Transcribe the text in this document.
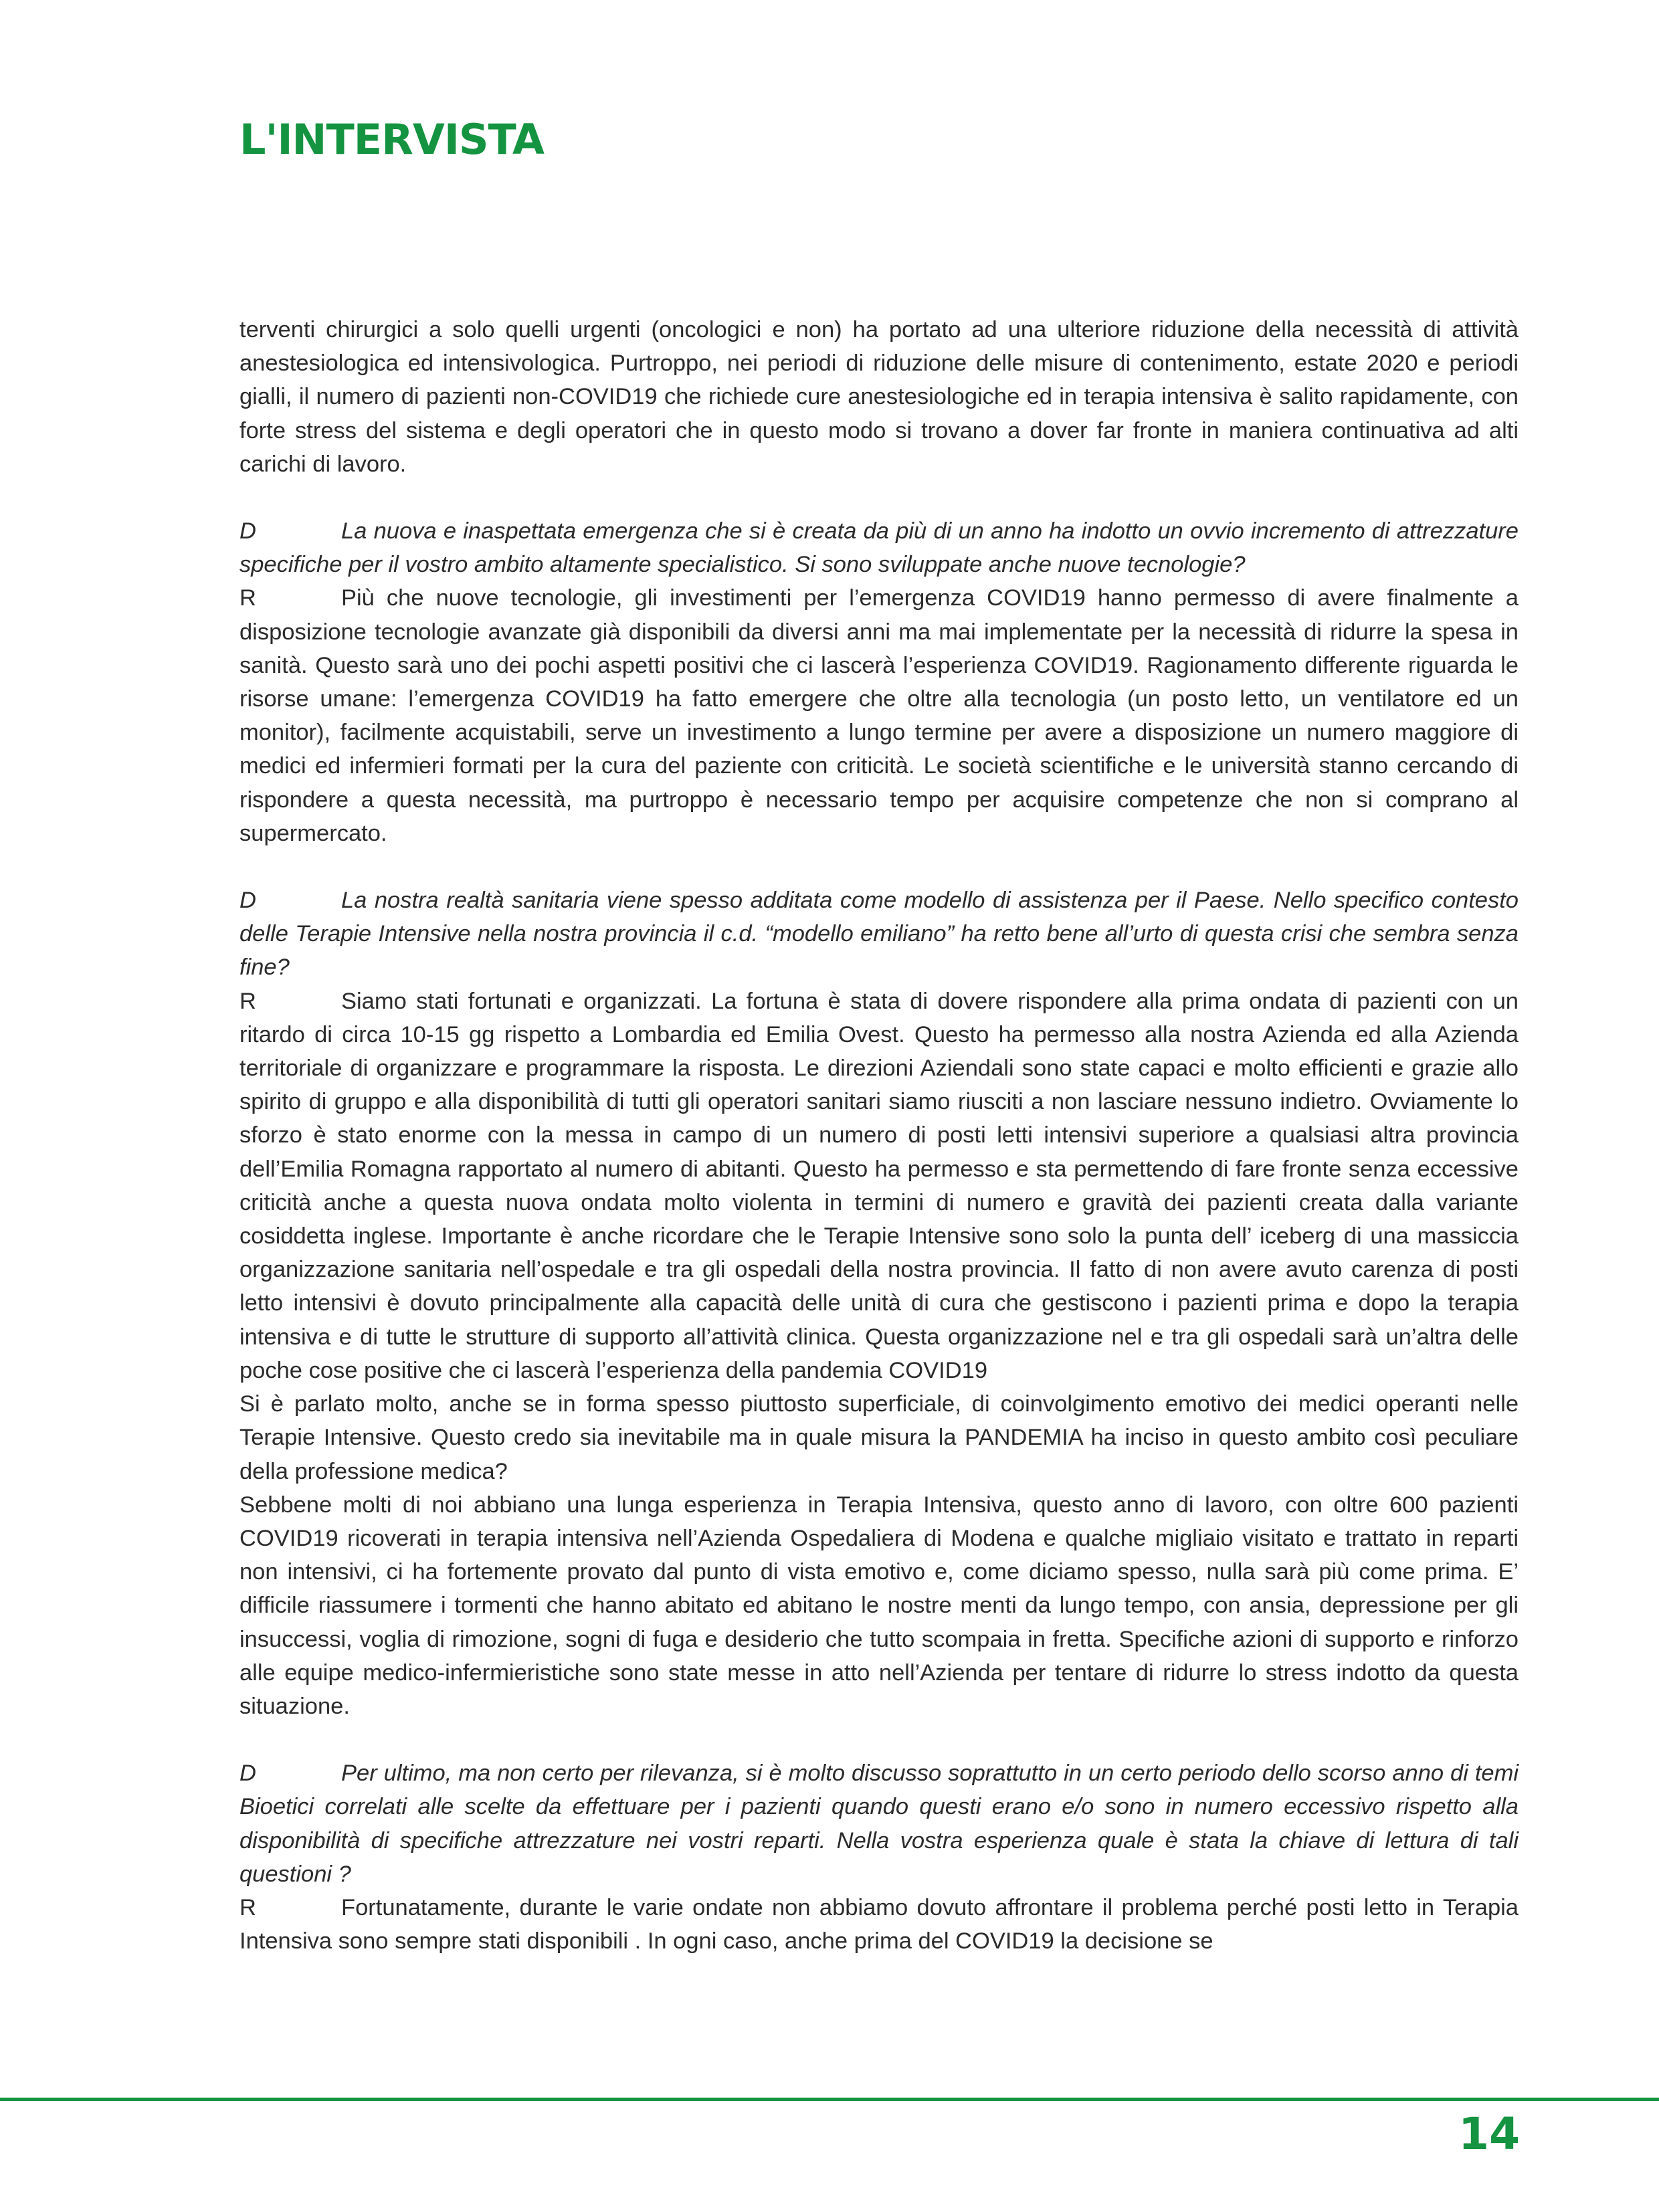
L'INTERVISTA

terventi chirurgici a solo quelli urgenti (oncologici e non) ha portato ad una ulteriore riduzione della necessità di attività anestesiologica ed intensivologica. Purtroppo, nei periodi di riduzione delle misure di contenimento, estate 2020 e periodi gialli, il numero di pazienti non-COVID19 che richiede cure anestesiologiche ed in terapia intensiva è salito rapidamente, con forte stress del sistema e degli operatori che in questo modo si trovano a dover far fronte in maniera continuativa ad alti carichi di lavoro.

D	La nuova e inaspettata emergenza che si è creata da più di un anno ha indotto un ovvio incremento di attrezzature specifiche per il vostro ambito altamente specialistico. Si sono sviluppate anche nuove tecnologie?

R	Più che nuove tecnologie, gli investimenti per l’emergenza COVID19 hanno permesso di avere finalmente a disposizione tecnologie avanzate già disponibili da diversi anni ma mai implementate per la necessità di ridurre la spesa in sanità. Questo sarà uno dei pochi aspetti positivi che ci lascerà l’esperienza COVID19. Ragionamento differente riguarda le risorse umane: l’emergenza COVID19 ha fatto emergere che oltre alla tecnologia (un posto letto, un ventilatore ed un monitor), facilmente acquistabili, serve un investimento a lungo termine per avere a disposizione un numero maggiore di medici ed infermieri formati per la cura del paziente con criticità. Le società scientifiche e le università stanno cercando di rispondere a questa necessità, ma purtroppo è necessario tempo per acquisire competenze che non si comprano al supermercato.

D	La nostra realtà sanitaria viene spesso additata come modello di assistenza per il Paese. Nello specifico contesto delle Terapie Intensive nella nostra provincia il c.d. “modello emiliano” ha retto bene all’urto di questa crisi che sembra senza fine?

R	Siamo stati fortunati e organizzati. La fortuna è stata di dovere rispondere alla prima ondata di pazienti con un ritardo di circa 10-15 gg rispetto a Lombardia ed Emilia Ovest. Questo ha permesso alla nostra Azienda ed alla Azienda territoriale di organizzare e programmare la risposta. Le direzioni Aziendali sono state capaci e molto efficienti e grazie allo spirito di gruppo e alla disponibilità di tutti gli operatori sanitari siamo riusciti a non lasciare nessuno indietro. Ovviamente lo sforzo è stato enorme con la messa in campo di un numero di posti letti intensivi superiore a qualsiasi altra provincia dell’Emilia Romagna rapportato al numero di abitanti. Questo ha permesso e sta permettendo di fare fronte senza eccessive criticità anche a questa nuova ondata molto violenta in termini di numero e gravità dei pazienti creata dalla variante cosiddetta inglese. Importante è anche ricordare che le Terapie Intensive sono solo la punta dell’ iceberg di una massiccia organizzazione sanitaria nell’ospedale e tra gli ospedali della nostra provincia. Il fatto di non avere avuto carenza di posti letto intensivi è dovuto principalmente alla capacità delle unità di cura che gestiscono i pazienti prima e dopo la terapia intensiva e di tutte le strutture di supporto all’attività clinica. Questa organizzazione nel e tra gli ospedali sarà un’altra delle poche cose positive che ci lascerà l’esperienza della pandemia COVID19

Si è parlato molto, anche se in forma spesso piuttosto superficiale, di coinvolgimento emotivo dei medici operanti nelle Terapie Intensive. Questo credo sia inevitabile ma in quale misura la PANDEMIA ha inciso in questo ambito così peculiare della professione medica?

Sebbene molti di noi abbiano una lunga esperienza in Terapia Intensiva, questo anno di lavoro, con oltre 600 pazienti COVID19 ricoverati in terapia intensiva nell’Azienda Ospedaliera di Modena e qualche migliaio visitato e trattato in reparti non intensivi, ci ha fortemente provato dal punto di vista emotivo e, come diciamo spesso, nulla sarà più come prima. E’ difficile riassumere i tormenti che hanno abitato ed abitano le nostre menti da lungo tempo, con ansia, depressione per gli insuccessi, voglia di rimozione, sogni di fuga e desiderio che tutto scompaia in fretta. Specifiche azioni di supporto e rinforzo alle equipe medico-infermieristiche sono state messe in atto nell’Azienda per tentare di ridurre lo stress indotto da questa situazione.

D	Per ultimo, ma non certo per rilevanza, si è molto discusso soprattutto in un certo periodo dello scorso anno di temi Bioetici correlati alle scelte da effettuare per i pazienti quando questi erano e/o sono in numero eccessivo rispetto alla disponibilità di specifiche attrezzature nei vostri reparti. Nella vostra esperienza quale è stata la chiave di lettura di tali questioni ?

R	Fortunatamente, durante le varie ondate non abbiamo dovuto affrontare il problema perché posti letto in Terapia Intensiva sono sempre stati disponibili . In ogni caso, anche prima del COVID19 la decisione se

14
